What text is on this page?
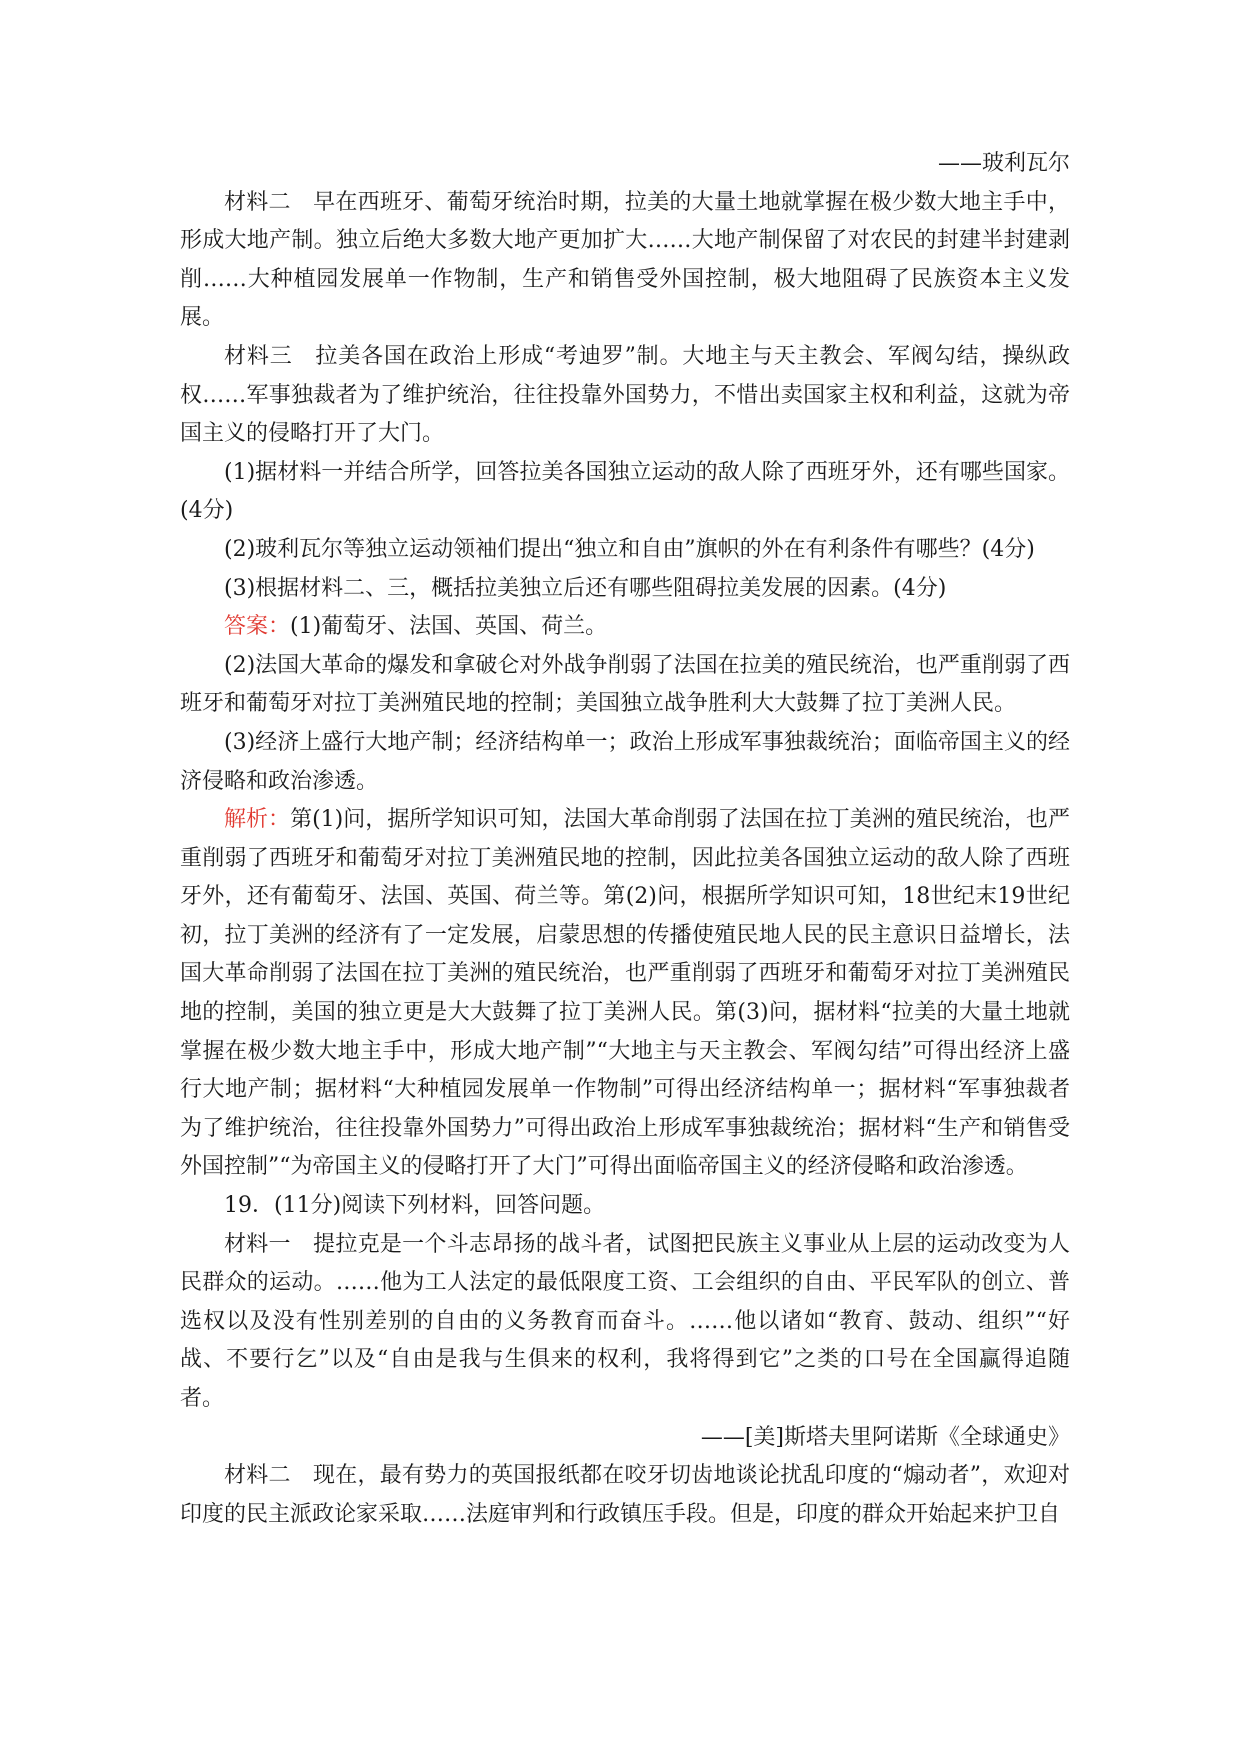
——玻利瓦尔
材料二　早在西班牙、葡萄牙统治时期，拉美的大量土地就掌握在极少数大地主手中，形成大地产制。独立后绝大多数大地产更加扩大……大地产制保留了对农民的封建半封建剥削……大种植园发展单一作物制，生产和销售受外国控制，极大地阻碍了民族资本主义发展。
材料三　拉美各国在政治上形成“考迪罗”制。大地主与天主教会、军阀勾结，操纵政权……军事独裁者为了维护统治，往往投靠外国势力，不惜出卖国家主权和利益，这就为帝国主义的侵略打开了大门。
(1)据材料一并结合所学，回答拉美各国独立运动的敌人除了西班牙外，还有哪些国家。(4分)
(2)玻利瓦尔等独立运动领袖们提出“独立和自由”旗帜的外在有利条件有哪些？(4分)
(3)根据材料二、三，概括拉美独立后还有哪些阻碍拉美发展的因素。(4分)
答案：(1)葡萄牙、法国、英国、荷兰。
(2)法国大革命的爆发和拿破仑对外战争削弱了法国在拉美的殖民统治，也严重削弱了西班牙和葡萄牙对拉丁美洲殖民地的控制；美国独立战争胜利大大鼓舞了拉丁美洲人民。
(3)经济上盛行大地产制；经济结构单一；政治上形成军事独裁统治；面临帝国主义的经济侵略和政治渗透。
解析：第(1)问，据所学知识可知，法国大革命削弱了法国在拉丁美洲的殖民统治，也严重削弱了西班牙和葡萄牙对拉丁美洲殖民地的控制，因此拉美各国独立运动的敌人除了西班牙外，还有葡萄牙、法国、英国、荷兰等。第(2)问，根据所学知识可知，18世纪末19世纪初，拉丁美洲的经济有了一定发展，启蒙思想的传播使殖民地人民的民主意识日益增长，法国大革命削弱了法国在拉丁美洲的殖民统治，也严重削弱了西班牙和葡萄牙对拉丁美洲殖民地的控制，美国的独立更是大大鼓舞了拉丁美洲人民。第(3)问，据材料“拉美的大量土地就掌握在极少数大地主手中，形成大地产制”“大地主与天主教会、军阀勾结”可得出经济上盛行大地产制；据材料“大种植园发展单一作物制”可得出经济结构单一；据材料“军事独裁者为了维护统治，往往投靠外国势力”可得出政治上形成军事独裁统治；据材料“生产和销售受外国控制”“为帝国主义的侵略打开了大门”可得出面临帝国主义的经济侵略和政治渗透。
19．(11分)阅读下列材料，回答问题。
材料一　提拉克是一个斗志昂扬的战斗者，试图把民族主义事业从上层的运动改变为人民群众的运动。……他为工人法定的最低限度工资、工会组织的自由、平民军队的创立、普选权以及没有性别差别的自由的义务教育而奋斗。……他以诸如“教育、鼓动、组织”“好战、不要行乞”以及“自由是我与生俱来的权利，我将得到它”之类的口号在全国赢得追随者。
——[美]斯塔夫里阿诺斯《全球通史》
材料二　现在，最有势力的英国报纸都在咬牙切齿地谈论扰乱印度的“煽动者”，欢迎对印度的民主派政论家采取……法庭审判和行政镇压手段。但是，印度的群众开始起来护卫自
